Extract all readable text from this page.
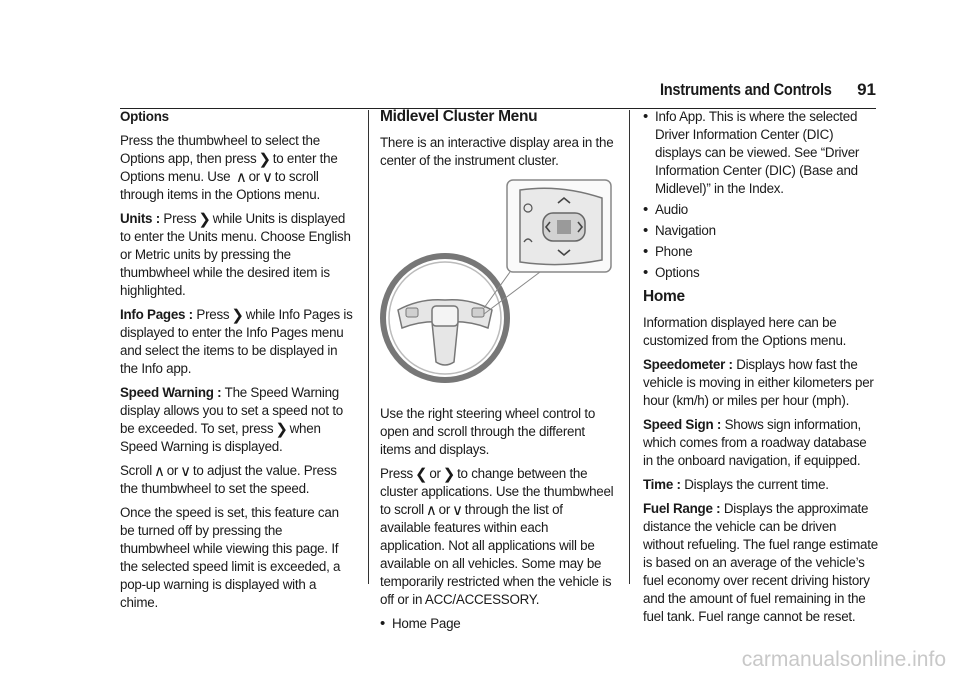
Instruments and Controls 91

Options

Press the thumbwheel to select the Options app, then press ❯ to enter the Options menu. Use ∧ or ∨ to scroll through items in the Options menu.

Units : Press ❯ while Units is displayed to enter the Units menu. Choose English or Metric units by pressing the thumbwheel while the desired item is highlighted.

Info Pages : Press ❯ while Info Pages is displayed to enter the Info Pages menu and select the items to be displayed in the Info app.

Speed Warning : The Speed Warning display allows you to set a speed not to be exceeded. To set, press ❯ when Speed Warning is displayed.

Scroll ∧ or ∨ to adjust the value. Press the thumbwheel to set the speed.

Once the speed is set, this feature can be turned off by pressing the thumbwheel while viewing this page. If the selected speed limit is exceeded, a pop-up warning is displayed with a chime.

Midlevel Cluster Menu

There is an interactive display area in the center of the instrument cluster.

Use the right steering wheel control to open and scroll through the different items and displays.

Press ❮ or ❯ to change between the cluster applications. Use the thumbwheel to scroll ∧ or ∨ through the list of available features within each application. Not all applications will be available on all vehicles. Some may be temporarily restricted when the vehicle is off or in ACC/ACCESSORY.

• Home Page
• Info App. This is where the selected Driver Information Center (DIC) displays can be viewed. See “Driver Information Center (DIC) (Base and Midlevel)” in the Index.
• Audio
• Navigation
• Phone
• Options
Home

Information displayed here can be customized from the Options menu.

Speedometer : Displays how fast the vehicle is moving in either kilometers per hour (km/h) or miles per hour (mph).

Speed Sign : Shows sign information, which comes from a roadway database in the onboard navigation, if equipped.

Time : Displays the current time.

Fuel Range : Displays the approximate distance the vehicle can be driven without refueling. The fuel range estimate is based on an average of the vehicle’s fuel economy over recent driving history and the amount of fuel remaining in the fuel tank. Fuel range cannot be reset.

carmanualsonline.info
